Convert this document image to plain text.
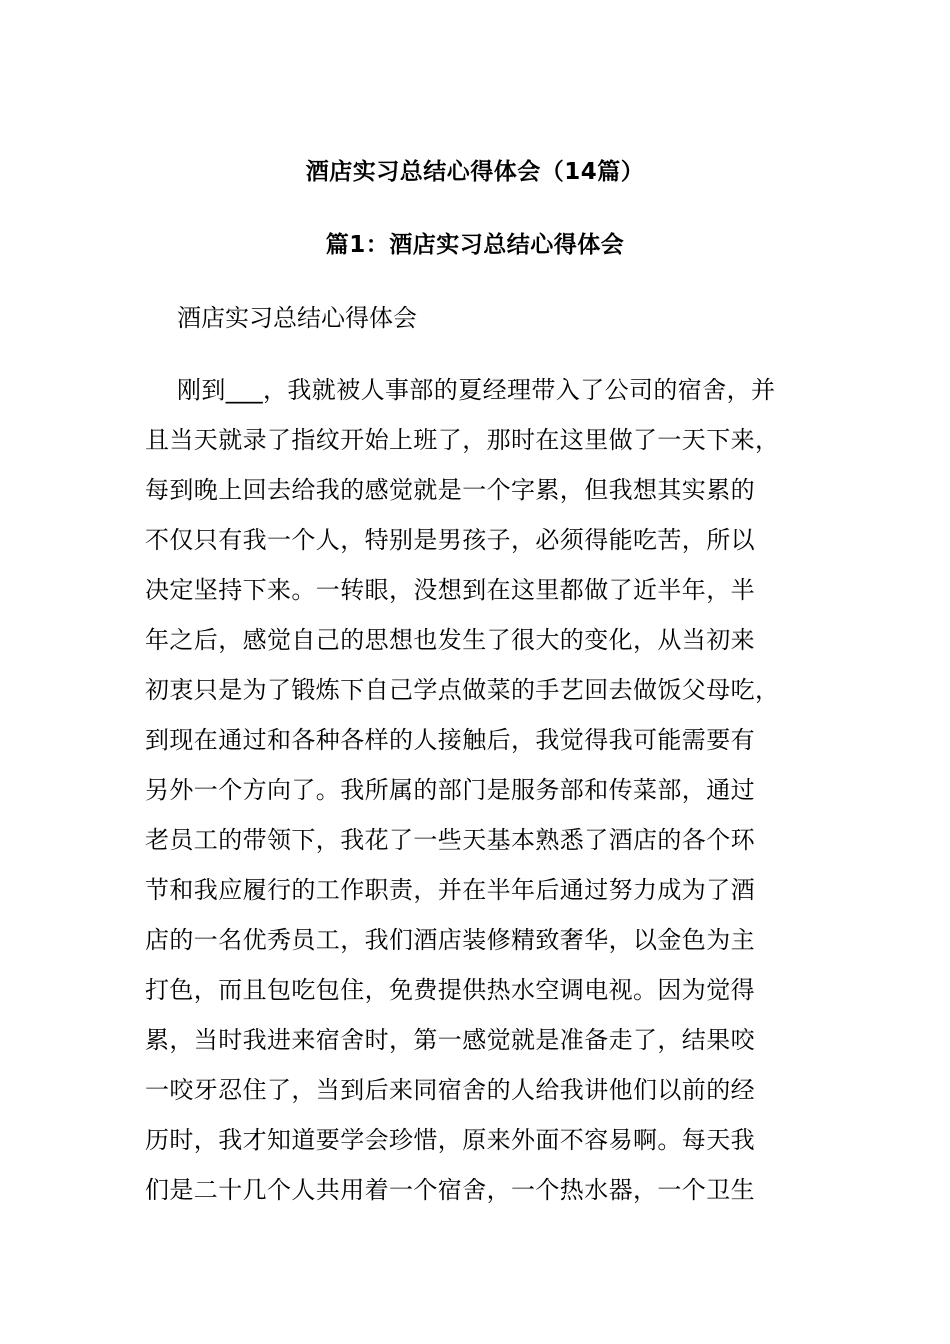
酒店实习总结心得体会（14篇）
篇1：酒店实习总结心得体会
酒店实习总结心得体会
刚到___，我就被人事部的夏经理带入了公司的宿舍，并
且当天就录了指纹开始上班了，那时在这里做了一天下来，
每到晚上回去给我的感觉就是一个字累，但我想其实累的
不仅只有我一个人，特别是男孩子，必须得能吃苦，所以
决定坚持下来。一转眼，没想到在这里都做了近半年，半
年之后，感觉自己的思想也发生了很大的变化，从当初来
初衷只是为了锻炼下自己学点做菜的手艺回去做饭父母吃，
到现在通过和各种各样的人接触后，我觉得我可能需要有
另外一个方向了。我所属的部门是服务部和传菜部，通过
老员工的带领下，我花了一些天基本熟悉了酒店的各个环
节和我应履行的工作职责，并在半年后通过努力成为了酒
店的一名优秀员工，我们酒店装修精致奢华，以金色为主
打色，而且包吃包住，免费提供热水空调电视。因为觉得
累，当时我进来宿舍时，第一感觉就是准备走了，结果咬
一咬牙忍住了，当到后来同宿舍的人给我讲他们以前的经
历时，我才知道要学会珍惜，原来外面不容易啊。每天我
们是二十几个人共用着一个宿舍，一个热水器，一个卫生
